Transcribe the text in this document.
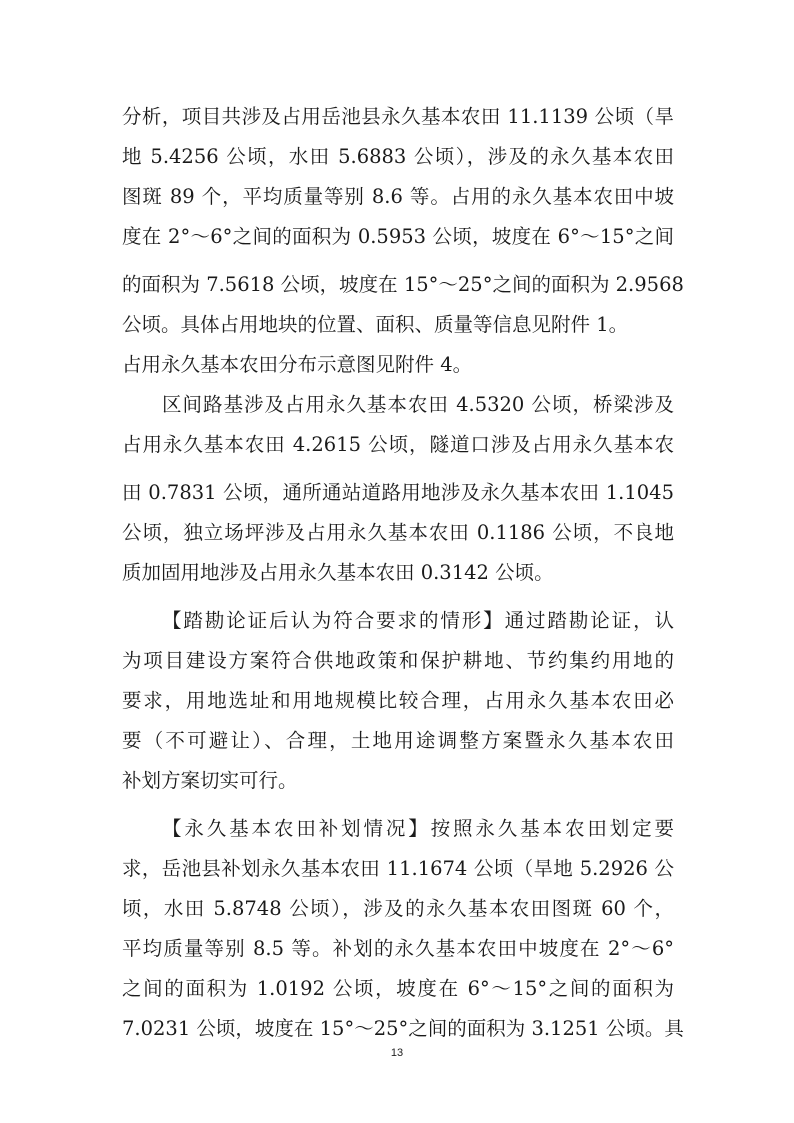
分析，项目共涉及占用岳池县永久基本农田 11.1139 公顷（旱
地 5.4256 公顷，水田 5.6883 公顷），涉及的永久基本农田
图斑 89 个，平均质量等别 8.6 等。占用的永久基本农田中坡
度在 2°～6°之间的面积为 0.5953 公顷，坡度在 6°～15°之间
的面积为 7.5618 公顷，坡度在 15°～25°之间的面积为 2.9568
公顷。具体占用地块的位置、面积、质量等信息见附件 1。
占用永久基本农田分布示意图见附件 4。
区间路基涉及占用永久基本农田 4.5320 公顷，桥梁涉及
占用永久基本农田 4.2615 公顷，隧道口涉及占用永久基本农
田 0.7831 公顷，通所通站道路用地涉及永久基本农田 1.1045
公顷，独立场坪涉及占用永久基本农田 0.1186 公顷，不良地
质加固用地涉及占用永久基本农田 0.3142 公顷。
【踏勘论证后认为符合要求的情形】通过踏勘论证，认
为项目建设方案符合供地政策和保护耕地、节约集约用地的
要求，用地选址和用地规模比较合理，占用永久基本农田必
要（不可避让）、合理，土地用途调整方案暨永久基本农田
补划方案切实可行。
【永久基本农田补划情况】按照永久基本农田划定要
求，岳池县补划永久基本农田 11.1674 公顷（旱地 5.2926 公
顷，水田 5.8748 公顷），涉及的永久基本农田图斑 60 个，
平均质量等别 8.5 等。补划的永久基本农田中坡度在 2°～6°
之间的面积为 1.0192 公顷，坡度在 6°～15°之间的面积为
7.0231 公顷，坡度在 15°～25°之间的面积为 3.1251 公顷。具
13
